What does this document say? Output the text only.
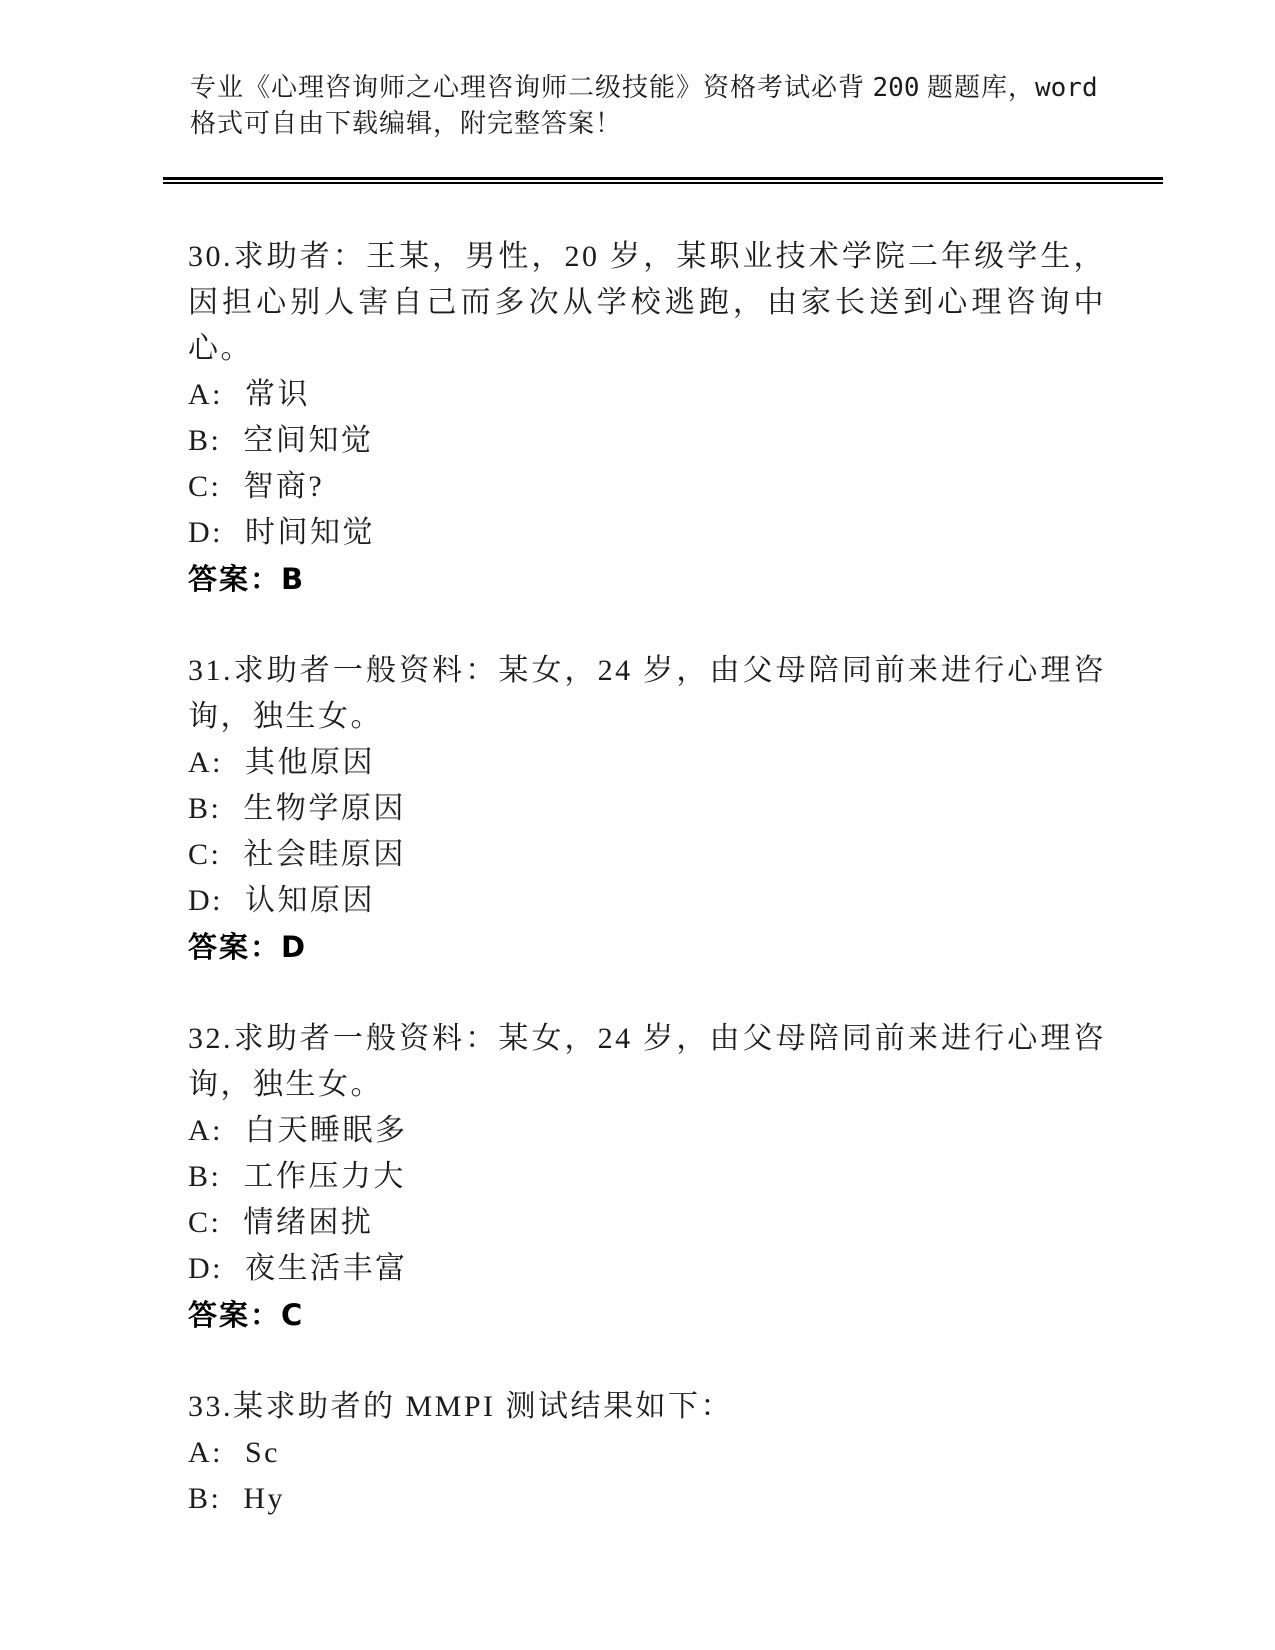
专业《心理咨询师之心理咨询师二级技能》资格考试必背 200 题题库，word 格式可自由下载编辑，附完整答案！

30.求助者：王某，男性，20 岁，某职业技术学院二年级学生，因担心别人害自己而多次从学校逃跑，由家长送到心理咨询中心。

A: 常识

B: 空间知觉

C: 智商?

D: 时间知觉

答案：B

31.求助者一般资料：某女，24 岁，由父母陪同前来进行心理咨询，独生女。

A: 其他原因

B: 生物学原因

C: 社会眭原因

D: 认知原因

答案：D

32.求助者一般资料：某女，24 岁，由父母陪同前来进行心理咨询，独生女。

A: 白天睡眠多

B: 工作压力大

C: 情绪困扰

D: 夜生活丰富

答案：C

33.某求助者的 MMPI 测试结果如下：

A: Sc

B: Hy
